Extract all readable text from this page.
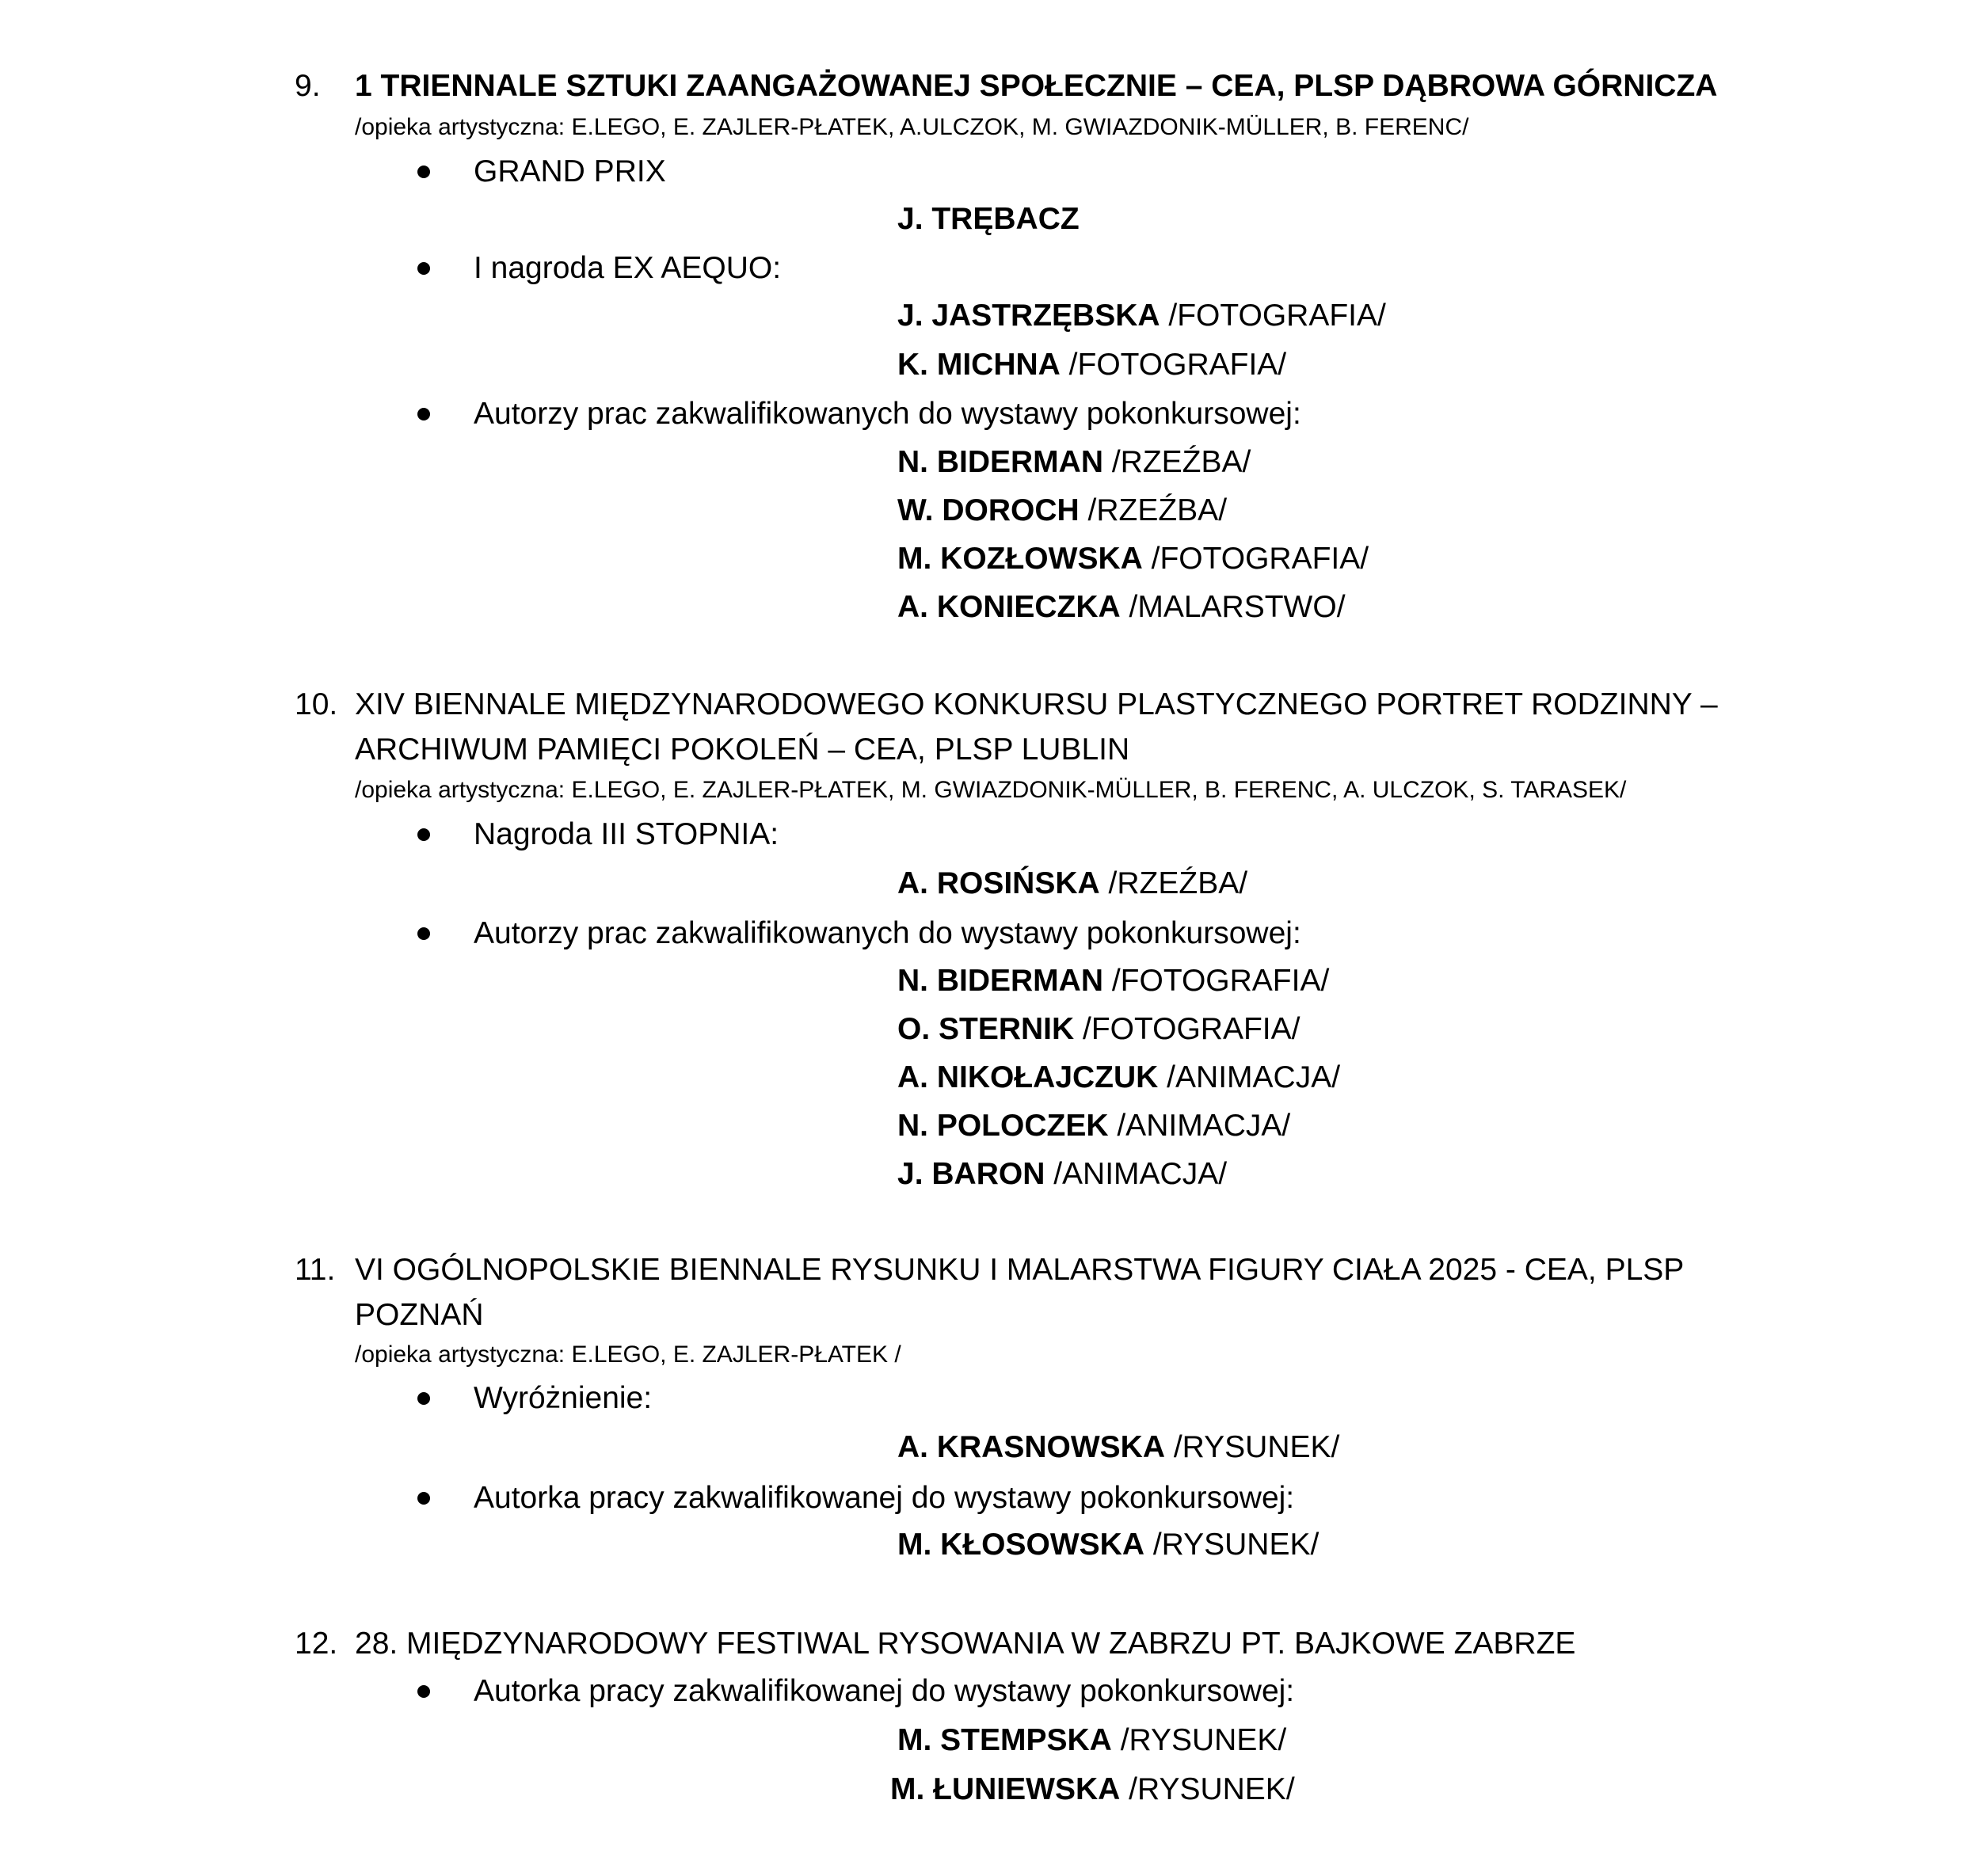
9. 1 TRIENNALE SZTUKI ZAANGAŻOWANEJ SPOŁECZNIE – CEA, PLSP DĄBROWA GÓRNICZA
/opieka artystyczna: E.LEGO, E. ZAJLER-PŁATEK, A.ULCZOK, M. GWIAZDONIK-MÜLLER, B. FERENC/
GRAND PRIX
J. TRĘBACZ
I nagroda EX AEQUO:
J. JASTRZĘBSKA /FOTOGRAFIA/
K. MICHNA /FOTOGRAFIA/
Autorzy prac zakwalifikowanych do wystawy pokonkursowej:
N. BIDERMAN /RZEŹBA/
W. DOROCH /RZEŹBA/
M. KOZŁOWSKA /FOTOGRAFIA/
A. KONIECZKA /MALARSTWO/
10. XIV BIENNALE MIĘDZYNARODOWEGO KONKURSU PLASTYCZNEGO PORTRET RODZINNY –
ARCHIWUM PAMIĘCI POKOLEŃ – CEA, PLSP LUBLIN
/opieka artystyczna: E.LEGO, E. ZAJLER-PŁATEK, M. GWIAZDONIK-MÜLLER, B. FERENC, A. ULCZOK, S. TARASEK/
Nagroda III STOPNIA:
A. ROSIŃSKA /RZEŹBA/
Autorzy prac zakwalifikowanych do wystawy pokonkursowej:
N. BIDERMAN /FOTOGRAFIA/
O. STERNIK /FOTOGRAFIA/
A. NIKOŁAJCZUK /ANIMACJA/
N. POLOCZEK /ANIMACJA/
J. BARON /ANIMACJA/
11. VI OGÓLNOPOLSKIE BIENNALE RYSUNKU I MALARSTWA FIGURY CIAŁA 2025 - CEA, PLSP
POZNAŃ
/opieka artystyczna: E.LEGO, E. ZAJLER-PŁATEK /
Wyróżnienie:
A. KRASNOWSKA /RYSUNEK/
Autorka pracy zakwalifikowanej do wystawy pokonkursowej:
M. KŁOSOWSKA /RYSUNEK/
12. 28. MIĘDZYNARODOWY FESTIWAL RYSOWANIA W ZABRZU PT. BAJKOWE ZABRZE
Autorka pracy zakwalifikowanej do wystawy pokonkursowej:
M. STEMPSKA /RYSUNEK/
M. ŁUNIEWSKA /RYSUNEK/
